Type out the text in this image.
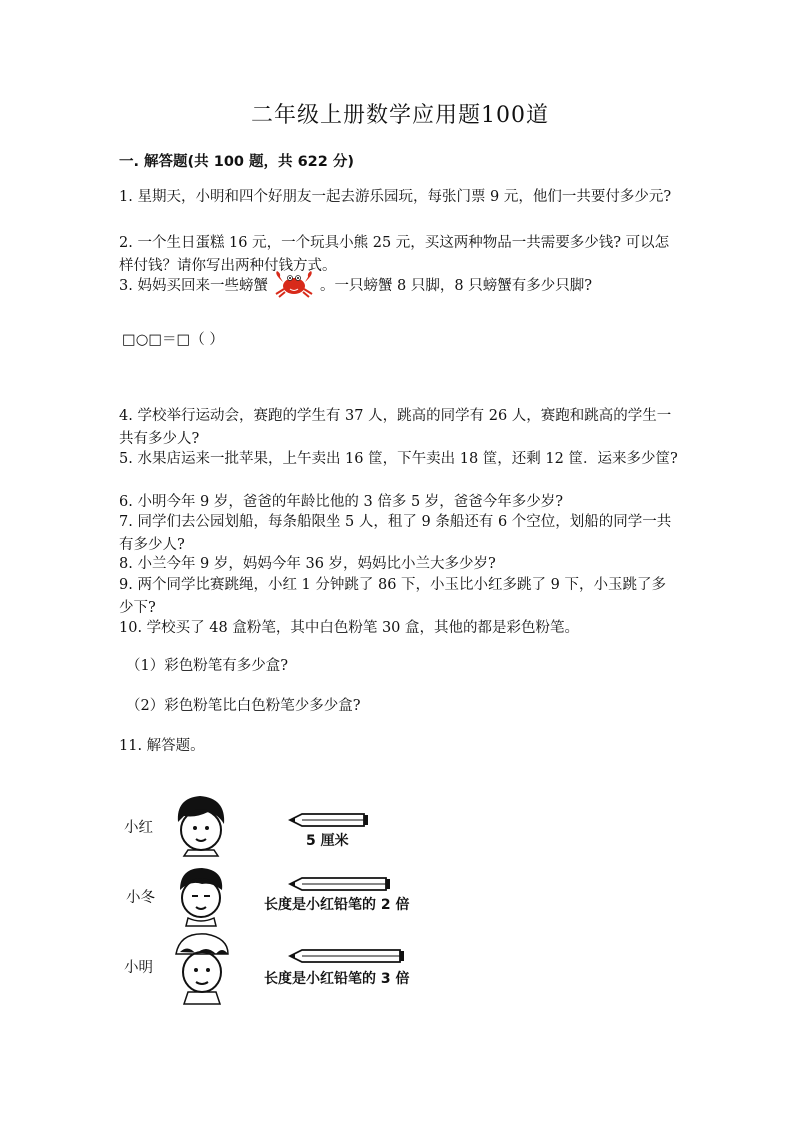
二年级上册数学应用题100道
一. 解答题(共 100 题，共 622 分)
1. 星期天，小明和四个好朋友一起去游乐园玩，每张门票 9 元，他们一共要付多少元?
2. 一个生日蛋糕 16 元，一个玩具小熊 25 元，买这两种物品一共需要多少钱? 可以怎样付钱？请你写出两种付钱方式。
3. 妈妈买回来一些螃蟹	。一只螃蟹 8 只脚，8 只螃蟹有多少只脚?
□○□＝□（ ）
4. 学校举行运动会，赛跑的学生有 37 人，跳高的同学有 26 人，赛跑和跳高的学生一共有多少人?
5. 水果店运来一批苹果，上午卖出 16 筐，下午卖出 18 筐，还剩 12 筐．运来多少筐?
6. 小明今年 9 岁，爸爸的年龄比他的 3 倍多 5 岁，爸爸今年多少岁?
7. 同学们去公园划船，每条船限坐 5 人，租了 9 条船还有 6 个空位，划船的同学一共有多少人?
8. 小兰今年 9 岁，妈妈今年 36 岁，妈妈比小兰大多少岁?
9. 两个同学比赛跳绳，小红 1 分钟跳了 86 下，小玉比小红多跳了 9 下，小玉跳了多少下?
10. 学校买了 48 盒粉笔，其中白色粉笔 30 盒，其他的都是彩色粉笔。
（1）彩色粉笔有多少盒?
（2）彩色粉笔比白色粉笔少多少盒?
11. 解答题。
小红
小冬
小明
5 厘米
长度是小红铅笔的 2 倍
长度是小红铅笔的 3 倍
